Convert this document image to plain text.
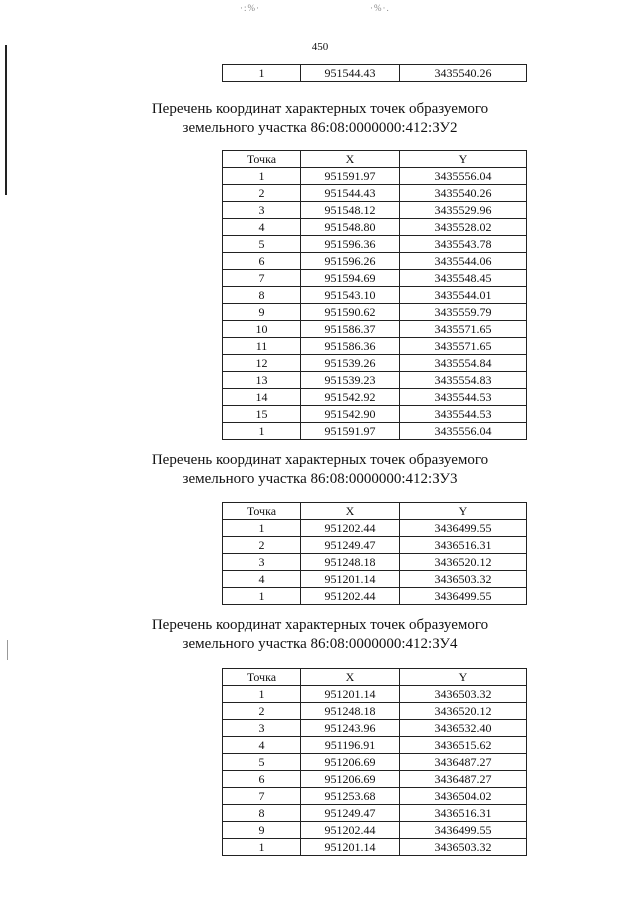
·:%·	·%·.
450
1	951544.43	3435540.26
Перечень координат характерных точек образуемого
земельного участка 86:08:0000000:412:ЗУ2
Точка	X	Y
1	951591.97	3435556.04
2	951544.43	3435540.26
3	951548.12	3435529.96
4	951548.80	3435528.02
5	951596.36	3435543.78
6	951596.26	3435544.06
7	951594.69	3435548.45
8	951543.10	3435544.01
9	951590.62	3435559.79
10	951586.37	3435571.65
11	951586.36	3435571.65
12	951539.26	3435554.84
13	951539.23	3435554.83
14	951542.92	3435544.53
15	951542.90	3435544.53
1	951591.97	3435556.04
Перечень координат характерных точек образуемого
земельного участка 86:08:0000000:412:ЗУ3
Точка	X	Y
1	951202.44	3436499.55
2	951249.47	3436516.31
3	951248.18	3436520.12
4	951201.14	3436503.32
1	951202.44	3436499.55
Перечень координат характерных точек образуемого
земельного участка 86:08:0000000:412:ЗУ4
Точка	X	Y
1	951201.14	3436503.32
2	951248.18	3436520.12
3	951243.96	3436532.40
4	951196.91	3436515.62
5	951206.69	3436487.27
6	951206.69	3436487.27
7	951253.68	3436504.02
8	951249.47	3436516.31
9	951202.44	3436499.55
1	951201.14	3436503.32
